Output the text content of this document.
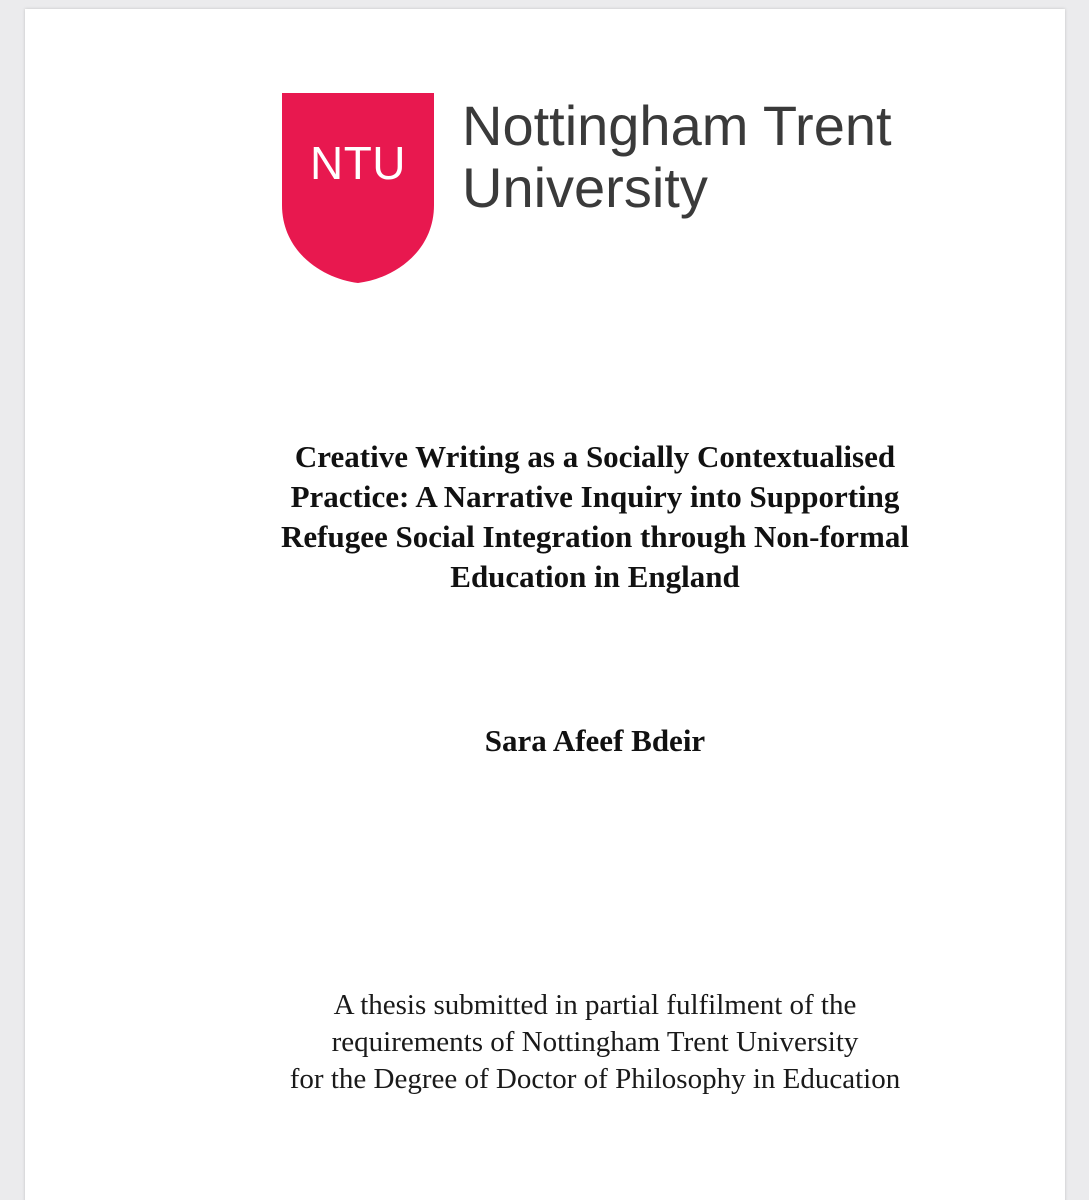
NTU
Nottingham Trent
University
Creative Writing as a Socially Contextualised
Practice: A Narrative Inquiry into Supporting
Refugee Social Integration through Non-formal
Education in England
Sara Afeef Bdeir
A thesis submitted in partial fulfilment of the
requirements of Nottingham Trent University
for the Degree of Doctor of Philosophy in Education
